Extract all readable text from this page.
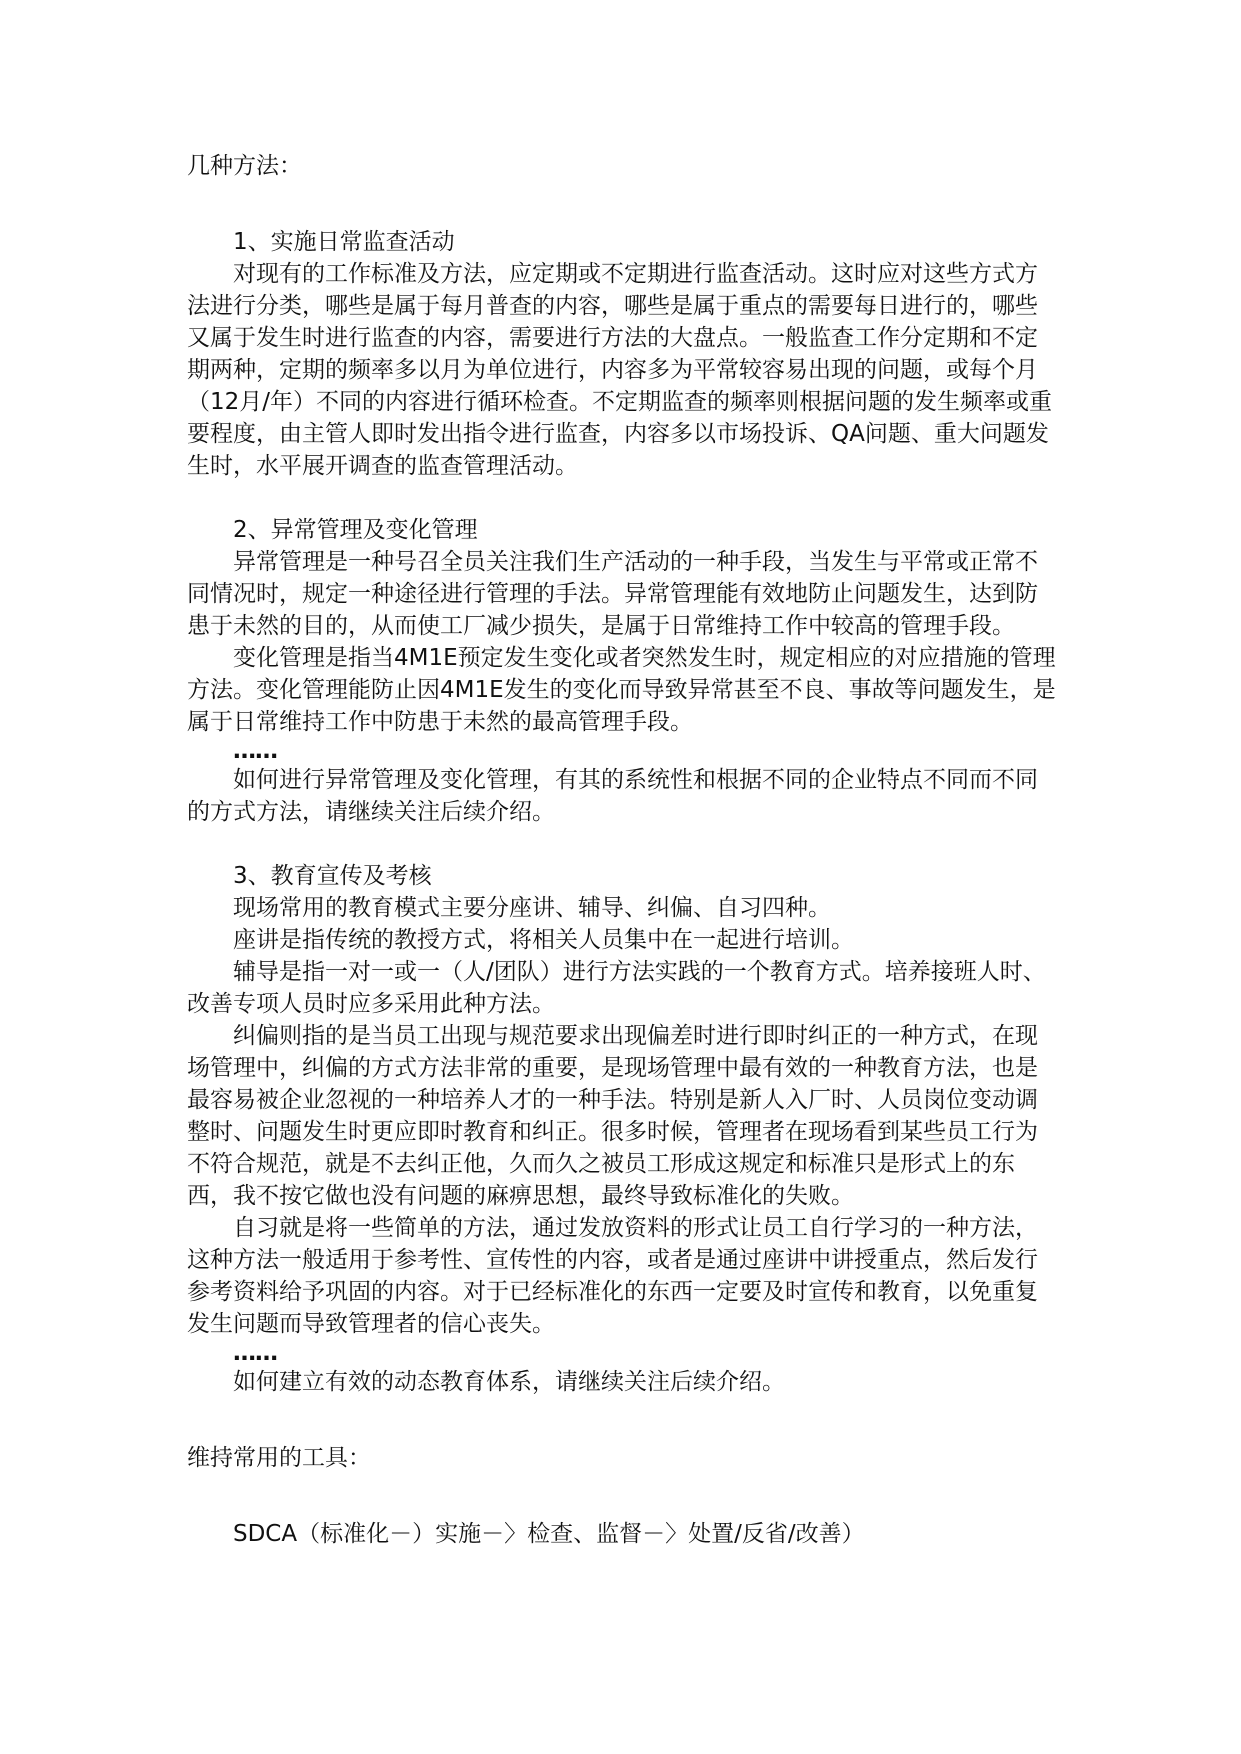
几种方法：

1、实施日常监查活动

对现有的工作标准及方法，应定期或不定期进行监查活动。这时应对这些方式方法进行分类，哪些是属于每月普查的内容，哪些是属于重点的需要每日进行的，哪些又属于发生时进行监查的内容，需要进行方法的大盘点。一般监查工作分定期和不定期两种，定期的频率多以月为单位进行，内容多为平常较容易出现的问题，或每个月（12月/年）不同的内容进行循环检查。不定期监查的频率则根据问题的发生频率或重要程度，由主管人即时发出指令进行监查，内容多以市场投诉、QA问题、重大问题发生时，水平展开调查的监查管理活动。

2、异常管理及变化管理

异常管理是一种号召全员关注我们生产活动的一种手段，当发生与平常或正常不同情况时，规定一种途径进行管理的手法。异常管理能有效地防止问题发生，达到防患于未然的目的，从而使工厂减少损失，是属于日常维持工作中较高的管理手段。

变化管理是指当4M1E预定发生变化或者突然发生时，规定相应的对应措施的管理方法。变化管理能防止因4M1E发生的变化而导致异常甚至不良、事故等问题发生，是属于日常维持工作中防患于未然的最高管理手段。

……

如何进行异常管理及变化管理，有其的系统性和根据不同的企业特点不同而不同的方式方法，请继续关注后续介绍。

3、教育宣传及考核

现场常用的教育模式主要分座讲、辅导、纠偏、自习四种。

座讲是指传统的教授方式，将相关人员集中在一起进行培训。

辅导是指一对一或一（人/团队）进行方法实践的一个教育方式。培养接班人时、改善专项人员时应多采用此种方法。

纠偏则指的是当员工出现与规范要求出现偏差时进行即时纠正的一种方式，在现场管理中，纠偏的方式方法非常的重要，是现场管理中最有效的一种教育方法，也是最容易被企业忽视的一种培养人才的一种手法。特别是新人入厂时、人员岗位变动调整时、问题发生时更应即时教育和纠正。很多时候，管理者在现场看到某些员工行为不符合规范，就是不去纠正他，久而久之被员工形成这规定和标准只是形式上的东西，我不按它做也没有问题的麻痹思想，最终导致标准化的失败。

自习就是将一些简单的方法，通过发放资料的形式让员工自行学习的一种方法，这种方法一般适用于参考性、宣传性的内容，或者是通过座讲中讲授重点，然后发行参考资料给予巩固的内容。对于已经标准化的东西一定要及时宣传和教育，以免重复发生问题而导致管理者的信心丧失。

……

如何建立有效的动态教育体系，请继续关注后续介绍。

维持常用的工具：

SDCA（标准化－）实施－〉检查、监督－〉处置/反省/改善）
